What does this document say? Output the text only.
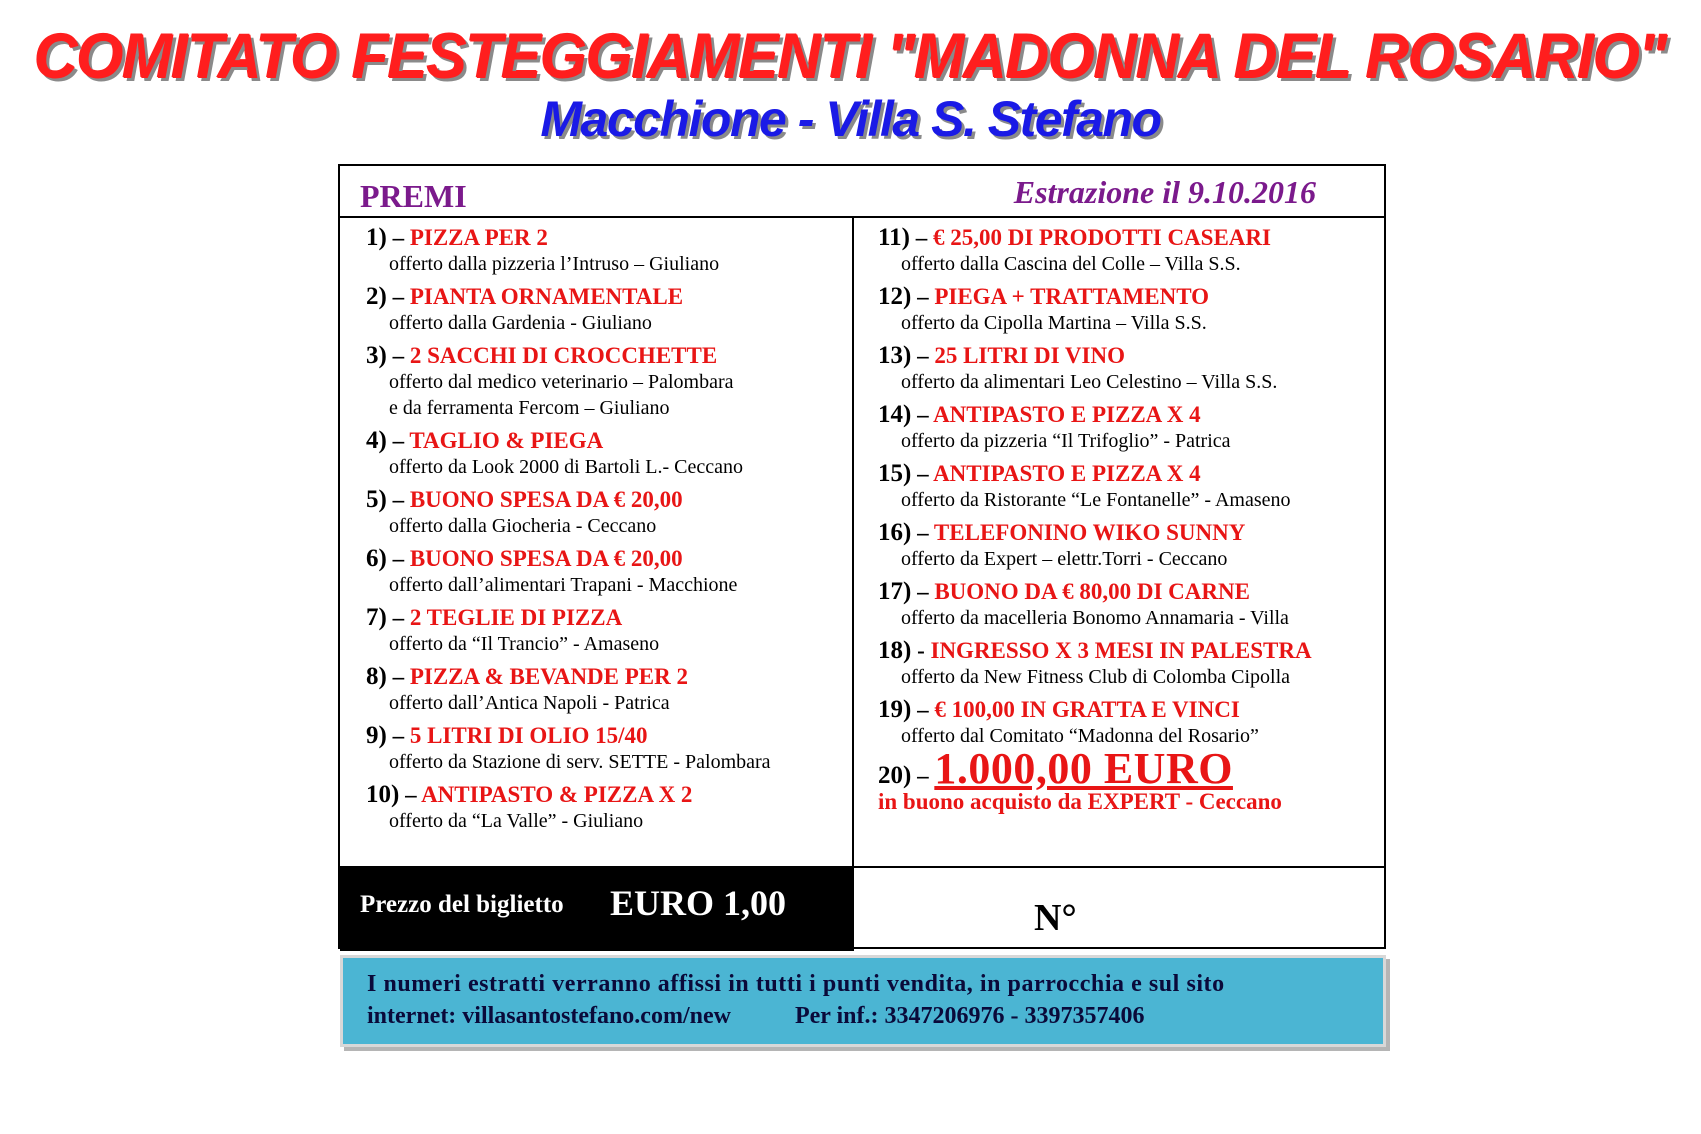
COMITATO FESTEGGIAMENTI "MADONNA DEL ROSARIO"
Macchione - Villa S. Stefano
PREMI	Estrazione il 9.10.2016
1) – PIZZA PER 2
offerto dalla pizzeria l’Intruso – Giuliano
2) – PIANTA ORNAMENTALE
offerto dalla Gardenia - Giuliano
3) – 2 SACCHI DI CROCCHETTE
offerto dal medico veterinario – Palombara
e da ferramenta Fercom – Giuliano
4) – TAGLIO & PIEGA
offerto da Look 2000 di Bartoli L.- Ceccano
5) – BUONO SPESA DA € 20,00
offerto dalla Giocheria - Ceccano
6) – BUONO SPESA DA € 20,00
offerto dall’alimentari Trapani - Macchione
7) – 2 TEGLIE DI PIZZA
offerto da “Il Trancio” - Amaseno
8) – PIZZA & BEVANDE PER 2
offerto dall’Antica Napoli - Patrica
9) – 5 LITRI DI OLIO 15/40
offerto da Stazione di serv. SETTE - Palombara
10) – ANTIPASTO & PIZZA X 2
offerto da “La Valle” - Giuliano
11) – € 25,00 DI PRODOTTI CASEARI
offerto dalla Cascina del Colle – Villa S.S.
12) – PIEGA + TRATTAMENTO
offerto da Cipolla Martina – Villa S.S.
13) – 25 LITRI DI VINO
offerto da alimentari Leo Celestino – Villa S.S.
14) – ANTIPASTO E PIZZA X 4
offerto da pizzeria “Il Trifoglio” - Patrica
15) – ANTIPASTO E PIZZA X 4
offerto da Ristorante “Le Fontanelle” - Amaseno
16) – TELEFONINO WIKO SUNNY
offerto da Expert – elettr.Torri - Ceccano
17) – BUONO DA € 80,00 DI CARNE
offerto da macelleria Bonomo Annamaria - Villa
18) - INGRESSO X 3 MESI IN PALESTRA
offerto da New Fitness Club di Colomba Cipolla
19) – € 100,00 IN GRATTA E VINCI
offerto dal Comitato “Madonna del Rosario”
20) – 1.000,00 EURO
in buono acquisto da EXPERT - Ceccano
Prezzo del biglietto EURO 1,00	N°
I numeri estratti verranno affissi in tutti i punti vendita, in parrocchia e sul sito
internet: villasantostefano.com/new	Per inf.: 3347206976 - 3397357406
